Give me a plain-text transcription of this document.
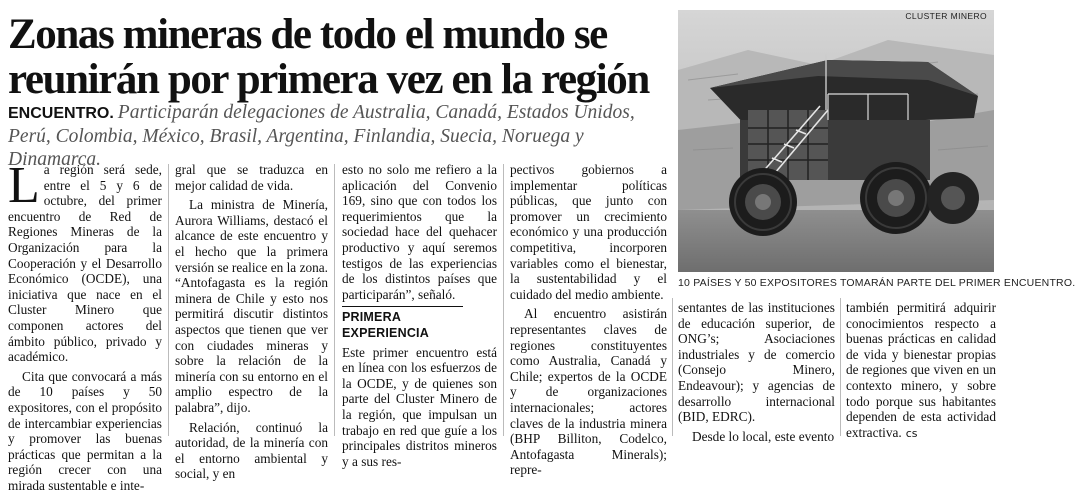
Zonas mineras de todo el mundo se
reunirán por primera vez en la región
ENCUENTRO. Participarán delegaciones de Australia, Canadá, Estados Unidos, Perú, Colombia, México, Brasil, Argentina, Finlandia, Suecia, Noruega y Dinamarca.
CLUSTER MINERO
10 PAÍSES Y 50 EXPOSITORES TOMARÁN PARTE DEL PRIMER ENCUENTRO.

La región será sede, entre el 5 y 6 de octubre, del primer encuentro de Red de Regiones Mineras de la Organización para la Cooperación y el Desarrollo Económico (OCDE), una iniciativa que nace en el Cluster Minero que componen actores del ámbito público, privado y académico.

Cita que convocará a más de 10 países y 50 expositores, con el propósito de intercambiar experiencias y promover las buenas prácticas que permitan a la región crecer con una mirada sustentable e inte-

gral que se traduzca en mejor calidad de vida.

La ministra de Minería, Aurora Williams, destacó el alcance de este encuentro y el hecho que la primera versión se realice en la zona. “Antofagasta es la región minera de Chile y esto nos permitirá discutir distintos aspectos que tienen que ver con ciudades mineras y sobre la relación de la minería con su entorno en el amplio espectro de la palabra”, dijo.

Relación, continuó la autoridad, de la minería con el entorno ambiental y social, y en

esto no solo me refiero a la aplicación del Convenio 169, sino que con todos los requerimientos que la sociedad hace del quehacer productivo y aquí seremos testigos de las experiencias de los distintos países que participarán”, señaló.

PRIMERA EXPERIENCIA

Este primer encuentro está en línea con los esfuerzos de la OCDE, y de quienes son parte del Cluster Minero de la región, que impulsan un trabajo en red que guíe a los principales distritos mineros y a sus res-

pectivos gobiernos a implementar políticas públicas, que junto con promover un crecimiento económico y una producción competitiva, incorporen variables como el bienestar, la sustentabilidad y el cuidado del medio ambiente.

Al encuentro asistirán representantes claves de regiones constituyentes como Australia, Canadá y Chile; expertos de la OCDE y de organizaciones internacionales; actores claves de la industria minera (BHP Billiton, Codelco, Antofagasta Minerals); repre-

sentantes de las instituciones de educación superior, de ONG’s; Asociaciones industriales y de comercio (Consejo Minero, Endeavour); y agencias de desarrollo internacional (BID, EDRC).

Desde lo local, este evento

también permitirá adquirir conocimientos respecto a buenas prácticas en calidad de vida y bienestar propias de regiones que viven en un contexto minero, y sobre todo porque sus habitantes dependen de esta actividad extractiva. cs
